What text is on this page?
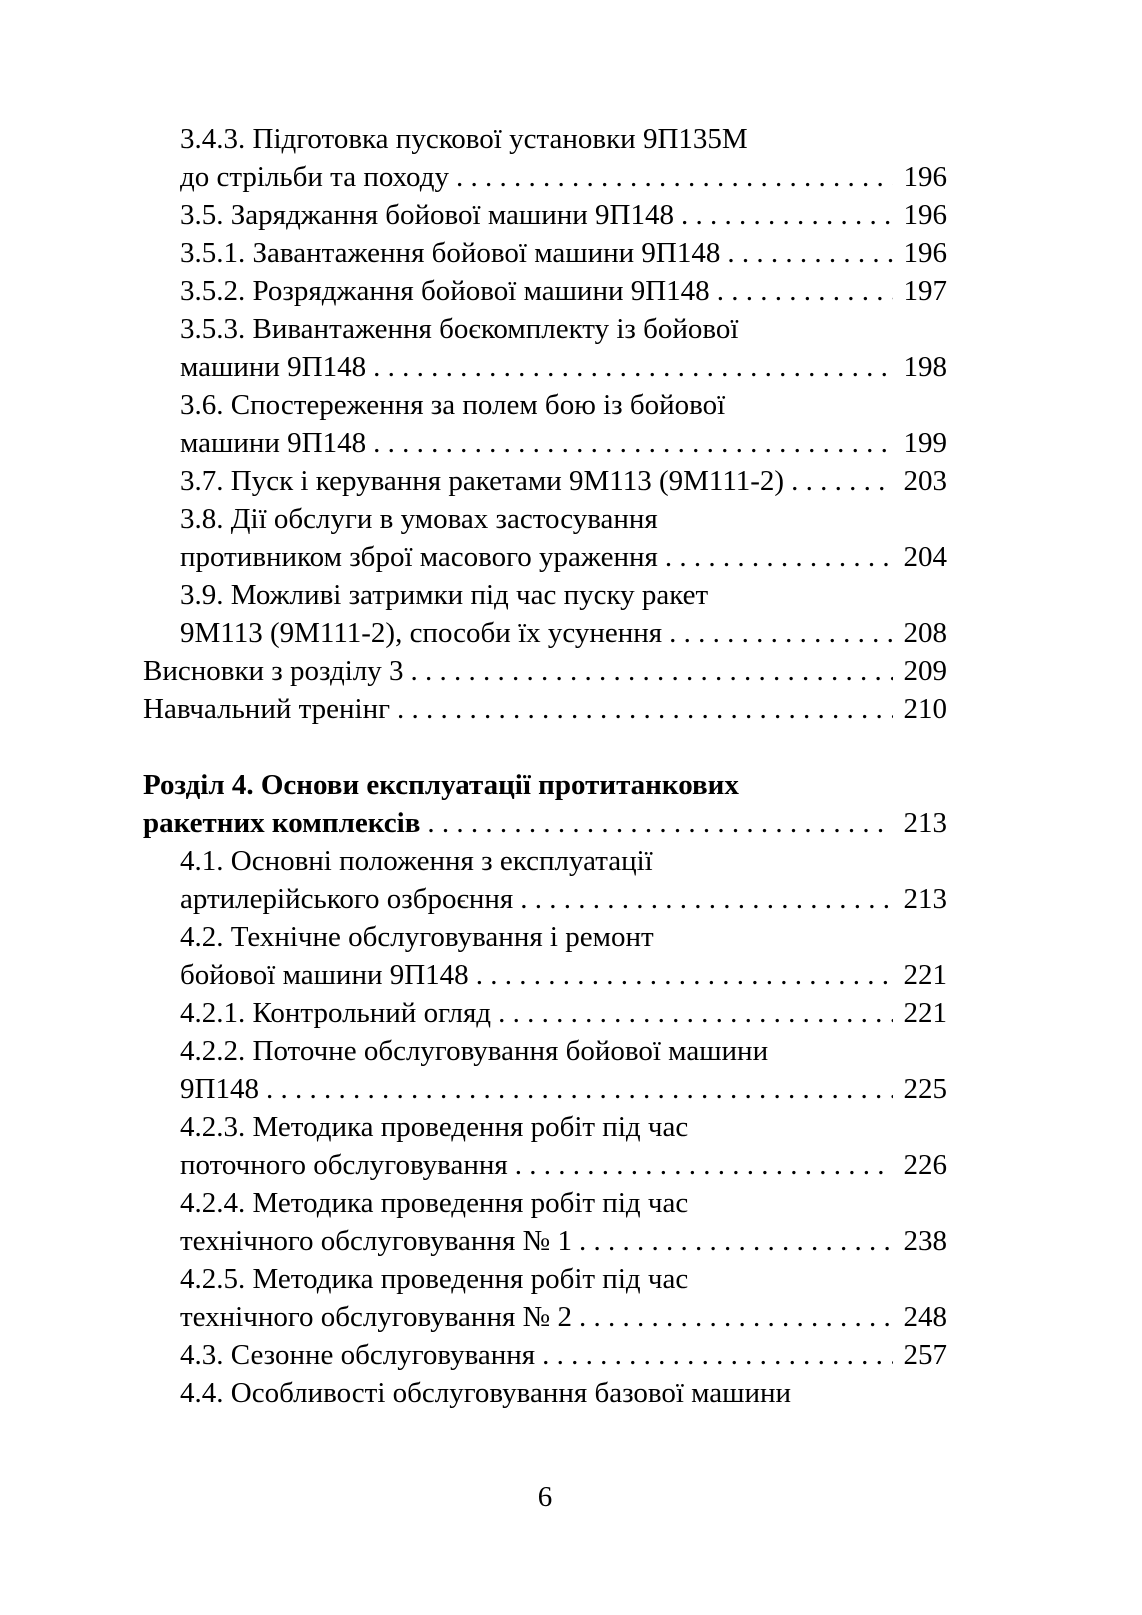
3.4.3. Підготовка пускової установки 9П135М
до стрільби та походу . . .	196
3.5. Заряджання бойової машини 9П148 . . .	196
3.5.1. Завантаження бойової машини 9П148 . . .	196
3.5.2. Розряджання бойової машини 9П148 . . .	197
3.5.3. Вивантаження боєкомплекту із бойової
машини 9П148 . . .	198
3.6. Спостереження за полем бою із бойової
машини 9П148 . . .	199
3.7. Пуск і керування ракетами 9М113 (9М111-2) . . .	203
3.8. Дії обслуги в умовах застосування
противником зброї масового ураження . . .	204
3.9. Можливі затримки під час пуску ракет
9М113 (9М111-2), способи їх усунення . . .	208
Висновки з розділу 3 . . .	209
Навчальний тренінг . . .	210
Розділ 4. Основи експлуатації протитанкових
ракетних комплексів . . .	213
4.1. Основні положення з експлуатації
артилерійського озброєння . . .	213
4.2. Технічне обслуговування і ремонт
бойової машини 9П148 . . .	221
4.2.1. Контрольний огляд . . .	221
4.2.2. Поточне обслуговування бойової машини
9П148 . . .	225
4.2.3. Методика проведення робіт під час
поточного обслуговування . . .	226
4.2.4. Методика проведення робіт під час
технічного обслуговування № 1 . . .	238
4.2.5. Методика проведення робіт під час
технічного обслуговування № 2 . . .	248
4.3. Сезонне обслуговування . . .	257
4.4. Особливості обслуговування базової машини
6
